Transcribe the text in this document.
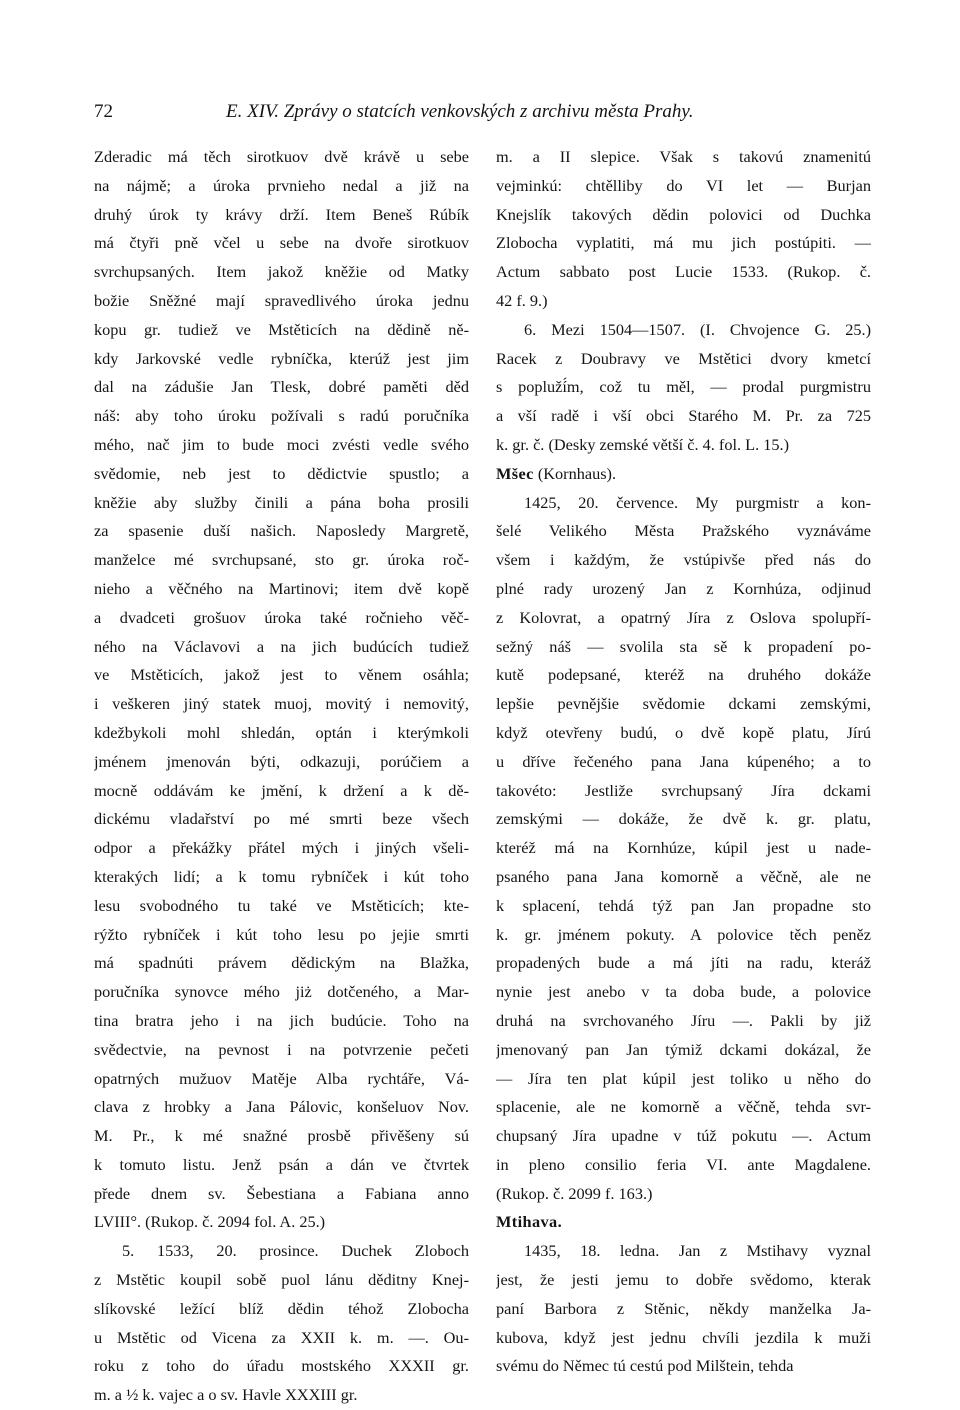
72	E. XIV. Zprávy o statcích venkovských z archivu města Prahy.
Zderadic má těch sirotkuov dvě krávě u sebe
na nájmě; a úroka prvnieho nedal a již na
druhý úrok ty krávy drží. Item Beneš Rúbík
má čtyři pně včel u sebe na dvoře sirotkuov
svrchupsaných. Item jakož kněžie od Matky
božie Sněžné mají spravedlivého úroka jednu
kopu gr. tudiež ve Mstěticích na dědině ně-
kdy Jarkovské vedle rybníčka, kterúž jest jim
dal na zádušie Jan Tlesk, dobré paměti děd
náš: aby toho úroku požívali s radú poručníka
mého, nač jim to bude moci zvésti vedle svého
svědomie, neb jest to dědictvie spustlo; a
kněžie aby služby činili a pána boha prosili
za spasenie duší našich. Naposledy Margretě,
manželce mé svrchupsané, sto gr. úroka roč-
nieho a věčného na Martinovi; item dvě kopě
a dvadceti grošuov úroka také ročnieho věč-
ného na Václavovi a na jich budúcích tudiež
ve Mstěticích, jakož jest to věnem osáhla;
i veškeren jiný statek muoj, movitý i nemovitý,
kdežbykoli mohl shledán, optán i kterýmkoli
jménem jmenován býti, odkazuji, porúčiem a
mocně oddávám ke jmění, k držení a k dě-
dickému vladařství po mé smrti beze všech
odpor a překážky přátel mých i jiných všeli-
kterakých lidí; a k tomu rybníček i kút toho
lesu svobodného tu také ve Mstěticích; kte-
rýžto rybníček i kút toho lesu po jejie smrti
má spadnúti právem dědickým na Blažka,
poručníka synovce mého jiż dotčeného, a Mar-
tina bratra jeho i na jich budúcie. Toho na
svědectvie, na pevnost i na potvrzenie pečeti
opatrných mužuov Matěje Alba rychtáře, Vá-
clava z hrobky a Jana Pálovic, konšeluov Nov.
M. Pr., k mé snažné prosbě přivěšeny sú
k tomuto listu. Jenž psán a dán ve čtvrtek
přede dnem sv. Šebestiana a Fabiana anno
LVIII°. (Rukop. č. 2094 fol. A. 25.)
5. 1533, 20. prosince. Duchek Zloboch
z Mstětic koupil sobě puol lánu děditny Knej-
slíkovské ležící blíž dědin téhož Zlobocha
u Mstětic od Vicena za XXII k. m. —. Ou-
roku z toho do úřadu mostského XXXII gr.
m. a ½ k. vajec a o sv. Havle XXXIII gr.
m. a II slepice. Však s takovú znamenitú
vejminkú: chtělliby do VI let — Burjan
Knejslík takových dědin polovici od Duchka
Zlobocha vyplatiti, má mu jich postúpiti. —
Actum sabbato post Lucie 1533. (Rukop. č.
42 f. 9.)
6. Mezi 1504—1507. (I. Chvojence G. 25.)
Racek z Doubravy ve Mstětici dvory kmetcí
s popluží́m, což tu měl, — prodal purgmistru
a vší radě i vší obci Starého M. Pr. za 725
k. gr. č. (Desky zemské větší č. 4. fol. L. 15.)
Mšec (Kornhaus).
1425, 20. července. My purgmistr a kon-
šelé Velikého Města Pražského vyznáváme
všem i každým, že vstúpivše před nás do
plné rady urozený Jan z Kornhúza, odjinud
z Kolovrat, a opatrný Jíra z Oslova spolupří-
sežný náš — svolila sta sě k propadení po-
kutě podepsané, kteréž na druhého dokáže
lepšie pevnějšie svědomie dckami zemskými,
když otevřeny budú, o dvě kopě platu, Jírú
u dříve řečeného pana Jana kúpeného; a to
takovéto: Jestliže svrchupsaný Jíra dckami
zemskými — dokáže, že dvě k. gr. platu,
kteréž má na Kornhúze, kúpil jest u nade-
psaného pana Jana komorně a věčně, ale ne
k splacení, tehdá týž pan Jan propadne sto
k. gr. jménem pokuty. A polovice těch peněz
propadených bude a má jíti na radu, kteráž
nynie jest anebo v ta doba bude, a polovice
druhá na svrchovaného Jíru —. Pakli by již
jmenovaný pan Jan týmiž dckami dokázal, že
— Jíra ten plat kúpil jest toliko u něho do
splacenie, ale ne komorně a věčně, tehda svr-
chupsaný Jíra upadne v túž pokutu —. Actum
in pleno consilio feria VI. ante Magdalene.
(Rukop. č. 2099 f. 163.)
Mtihava.
1435, 18. ledna. Jan z Mstihavy vyznal
jest, že jesti jemu to dobře svědomo, kterak
paní Barbora z Stěnic, někdy manželka Ja-
kubova, když jest jednu chvíli jezdila k muži
svému do Němec tú cestú pod Milštein, tehda
